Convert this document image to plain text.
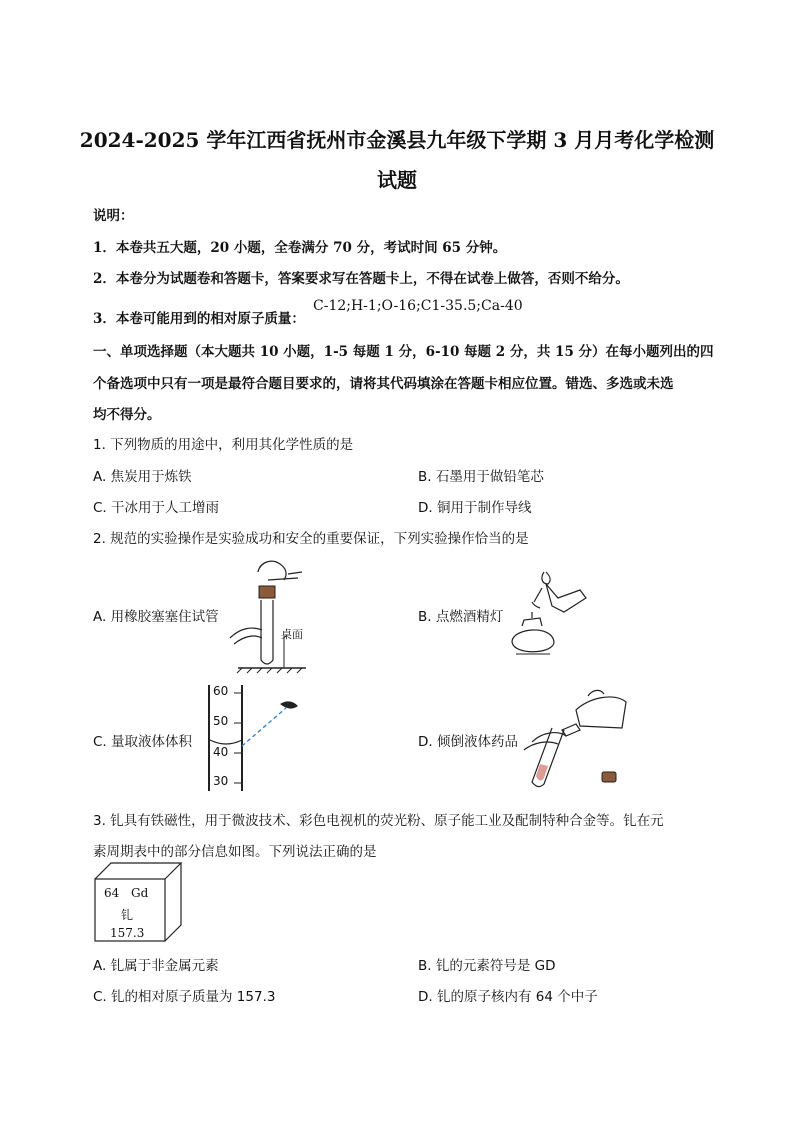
2024-2025 学年江西省抚州市金溪县九年级下学期 3 月月考化学检测
试题
说明：
1．本卷共五大题，20 小题，全卷满分 70 分，考试时间 65 分钟。
2．本卷分为试题卷和答题卡，答案要求写在答题卡上，不得在试卷上做答，否则不给分。
3．本卷可能用到的相对原子质量：
C-12;H-1;O-16;C1-35.5;Ca-40
一、单项选择题（本大题共 10 小题，1-5 每题 1 分，6-10 每题 2 分，共 15 分）在每小题列出的四
个备选项中只有一项是最符合题目要求的，请将其代码填涂在答题卡相应位置。错选、多选或未选
均不得分。
1. 下列物质的用途中，利用其化学性质的是
A. 焦炭用于炼铁	B. 石墨用于做铅笔芯
C. 干冰用于人工增雨	D. 铜用于制作导线
2. 规范的实验操作是实验成功和安全的重要保证，下列实验操作恰当的是
A. 用橡胶塞塞住试管
桌面
B. 点燃酒精灯
C. 量取液体体积
60
50
40
30
D. 倾倒液体药品
3. 钆具有铁磁性，用于微波技术、彩色电视机的荧光粉、原子能工业及配制特种合金等。钆在元
素周期表中的部分信息如图。下列说法正确的是
64 Gd
钆
157.3
A. 钆属于非金属元素	B. 钆的元素符号是 GD
C. 钆的相对原子质量为 157.3	D. 钆的原子核内有 64 个中子
